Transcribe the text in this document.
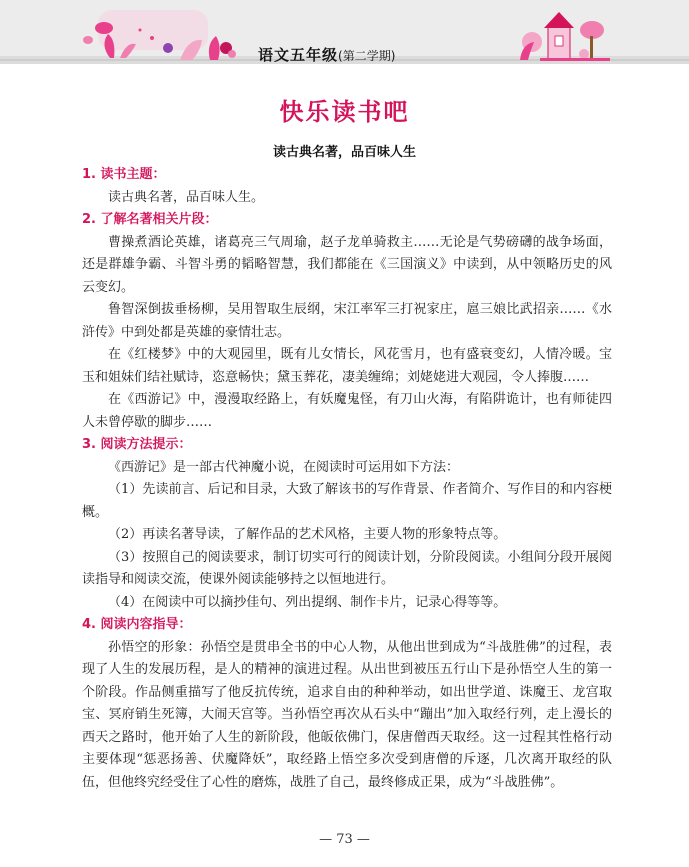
语文五年级(第二学期)
快乐读书吧
读古典名著，品百味人生

1. 读书主题：

读古典名著，品百味人生。

2. 了解名著相关片段：

曹操煮酒论英雄，诸葛亮三气周瑜，赵子龙单骑救主……无论是气势磅礴的战争场面，还是群雄争霸、斗智斗勇的韬略智慧，我们都能在《三国演义》中读到，从中领略历史的风云变幻。

鲁智深倒拔垂杨柳，吴用智取生辰纲，宋江率军三打祝家庄，扈三娘比武招亲……《水浒传》中到处都是英雄的豪情壮志。

在《红楼梦》中的大观园里，既有儿女情长，风花雪月，也有盛衰变幻，人情冷暖。宝玉和姐妹们结社赋诗，恣意畅快；黛玉葬花，凄美缠绵；刘姥姥进大观园，令人捧腹……

在《西游记》中，漫漫取经路上，有妖魔鬼怪，有刀山火海，有陷阱诡计，也有师徒四人未曾停歇的脚步……

3. 阅读方法提示：

《西游记》是一部古代神魔小说，在阅读时可运用如下方法：

（1）先读前言、后记和目录，大致了解该书的写作背景、作者简介、写作目的和内容梗概。

（2）再读名著导读，了解作品的艺术风格，主要人物的形象特点等。

（3）按照自己的阅读要求，制订切实可行的阅读计划，分阶段阅读。小组间分段开展阅读指导和阅读交流，使课外阅读能够持之以恒地进行。

（4）在阅读中可以摘抄佳句、列出提纲、制作卡片，记录心得等等。

4. 阅读内容指导：

孙悟空的形象：孙悟空是贯串全书的中心人物，从他出世到成为“斗战胜佛”的过程，表现了人生的发展历程，是人的精神的演进过程。从出世到被压五行山下是孙悟空人生的第一个阶段。作品侧重描写了他反抗传统，追求自由的种种举动，如出世学道、诛魔王、龙宫取宝、冥府销生死簿，大闹天宫等。当孙悟空再次从石头中“蹦出”加入取经行列，走上漫长的西天之路时，他开始了人生的新阶段，他皈依佛门，保唐僧西天取经。这一过程其性格行动主要体现“惩恶扬善、伏魔降妖”，取经路上悟空多次受到唐僧的斥逐，几次离开取经的队伍，但他终究经受住了心性的磨炼，战胜了自己，最终修成正果，成为“斗战胜佛”。

— 73 —
